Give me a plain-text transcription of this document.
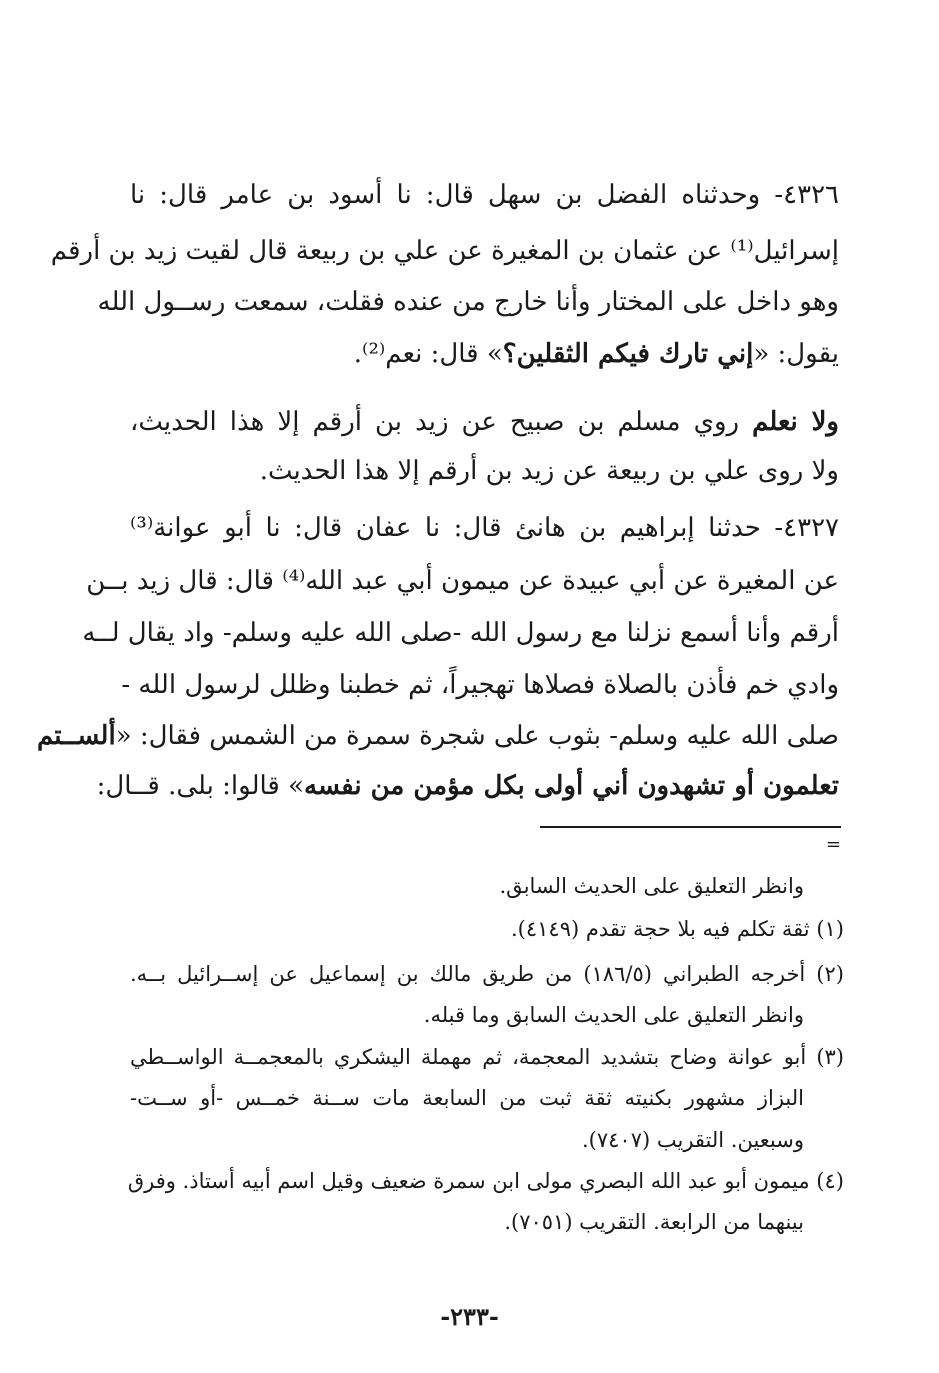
٤٣٢٦- وحدثناه الفضل بن سهل قال: نا أسود بن عامر قال: نا
إسرائيل⁽¹⁾ عن عثمان بن المغيرة عن علي بن ربيعة قال لقيت زيد بن أرقم
وهو داخل على المختار وأنا خارج من عنده فقلت، سمعت رســول الله
يقول: «إني تارك فيكم الثقلين؟» قال: نعم⁽²⁾.
ولا نعلم روي مسلم بن صبيح عن زيد بن أرقم إلا هذا الحديث،
ولا روى علي بن ربيعة عن زيد بن أرقم إلا هذا الحديث.
٤٣٢٧- حدثنا إبراهيم بن هانئ قال: نا عفان قال: نا أبو عوانة⁽³⁾
عن المغيرة عن أبي عبيدة عن ميمون أبي عبد الله⁽⁴⁾ قال: قال زيد بــن
أرقم وأنا أسمع نزلنا مع رسول الله -صلى الله عليه وسلم- واد يقال لــه
وادي خم فأذن بالصلاة فصلاها تهجيراً، ثم خطبنا وظلل لرسول الله -
صلى الله عليه وسلم- بثوب على شجرة سمرة من الشمس فقال: «ألســتم
تعلمون أو تشهدون أني أولى بكل مؤمن من نفسه» قالوا: بلى. قــال:
=
وانظر التعليق على الحديث السابق.
(١) ثقة تكلم فيه بلا حجة تقدم (٤١٤٩).
(٢) أخرجه الطبراني (١٨٦/٥) من طريق مالك بن إسماعيل عن إســرائيل بــه.
وانظر التعليق على الحديث السابق وما قبله.
(٣) أبو عوانة وضاح بتشديد المعجمة، ثم مهملة اليشكري بالمعجمــة الواســطي
البزاز مشهور بكنيته ثقة ثبت من السابعة مات ســنة خمــس -أو ســت-
وسبعين. التقريب (٧٤٠٧).
(٤) ميمون أبو عبد الله البصري مولى ابن سمرة ضعيف وقيل اسم أبيه أستاذ. وفرق
بينهما من الرابعة. التقريب (٧٠٥١).
-٢٣٣-
